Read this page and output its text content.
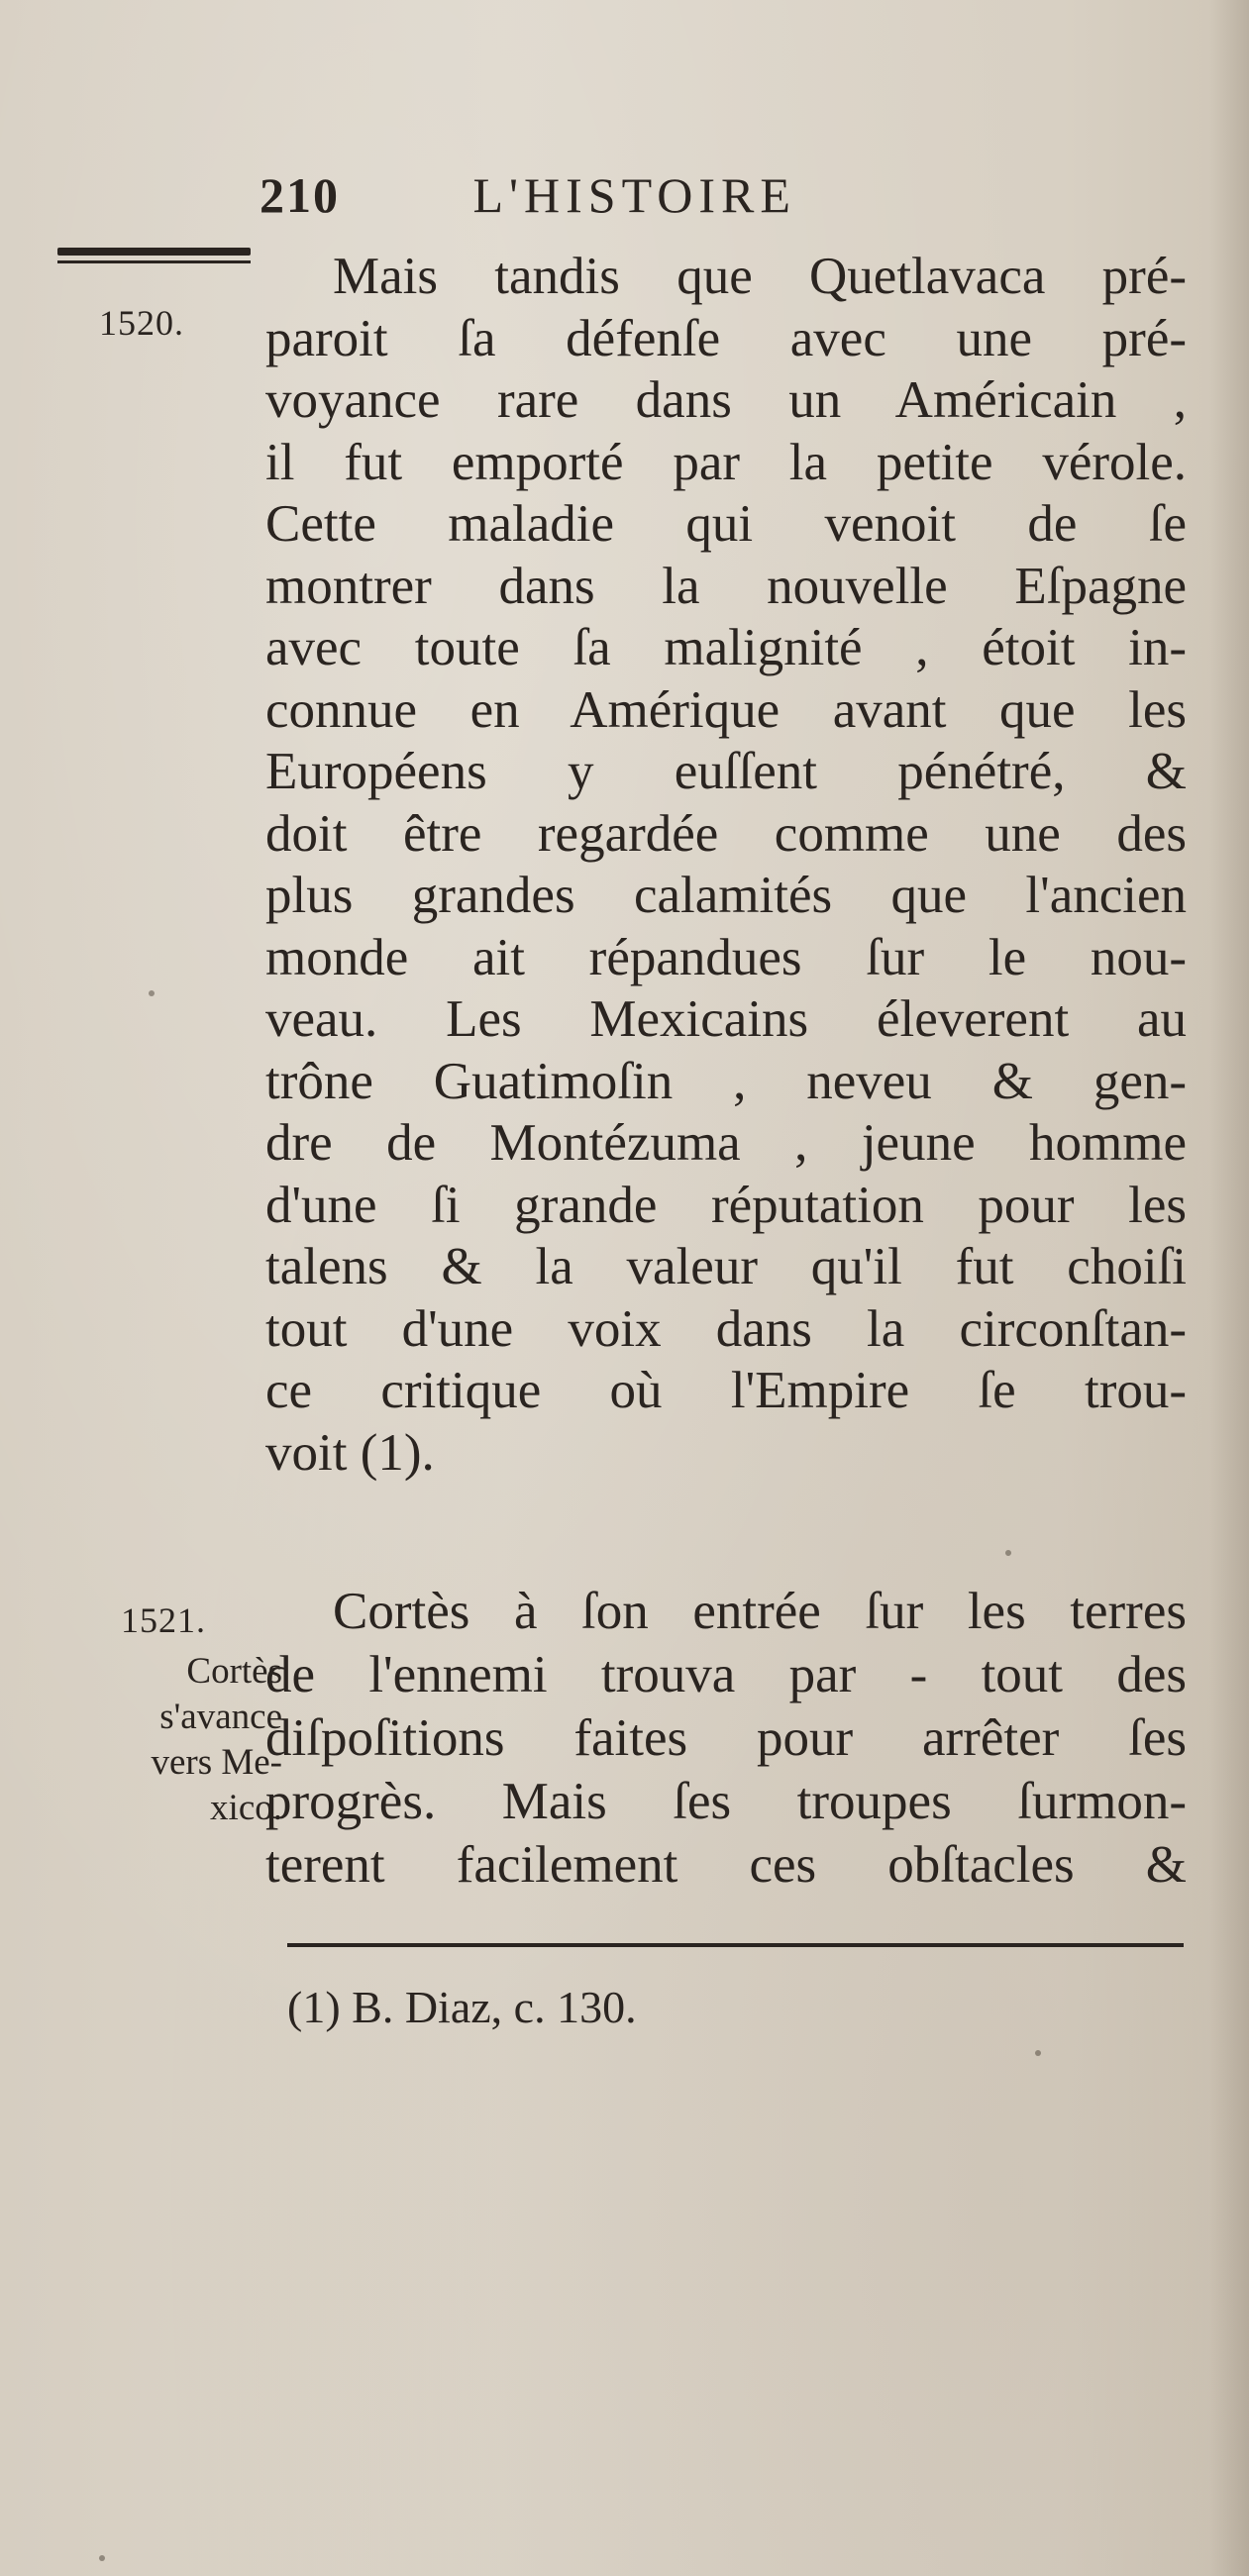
210	L'HISTOIRE
1520.
1521.
Cortès
s'avance
vers Me-
xico.
Mais tandis que Quetlavaca pré-
paroit ſa défenſe avec une pré-
voyance rare dans un Américain ,
il fut emporté par la petite vérole.
Cette maladie qui venoit de ſe
montrer dans la nouvelle Eſpagne
avec toute ſa malignité , étoit in-
connue en Amérique avant que les
Européens y euſſent pénétré, &
doit être regardée comme une des
plus grandes calamités que l'ancien
monde ait répandues ſur le nou-
veau. Les Mexicains éleverent au
trône Guatimoſin , neveu & gen-
dre de Montézuma , jeune homme
d'une ſi grande réputation pour les
talens & la valeur qu'il fut choiſi
tout d'une voix dans la circonſtan-
ce critique où l'Empire ſe trou-
voit (1).
Cortès à ſon entrée ſur les terres
de l'ennemi trouva par - tout des
diſpoſitions faites pour arrêter ſes
progrès. Mais ſes troupes ſurmon-
terent facilement ces obſtacles &
(1) B. Diaz, c. 130.
